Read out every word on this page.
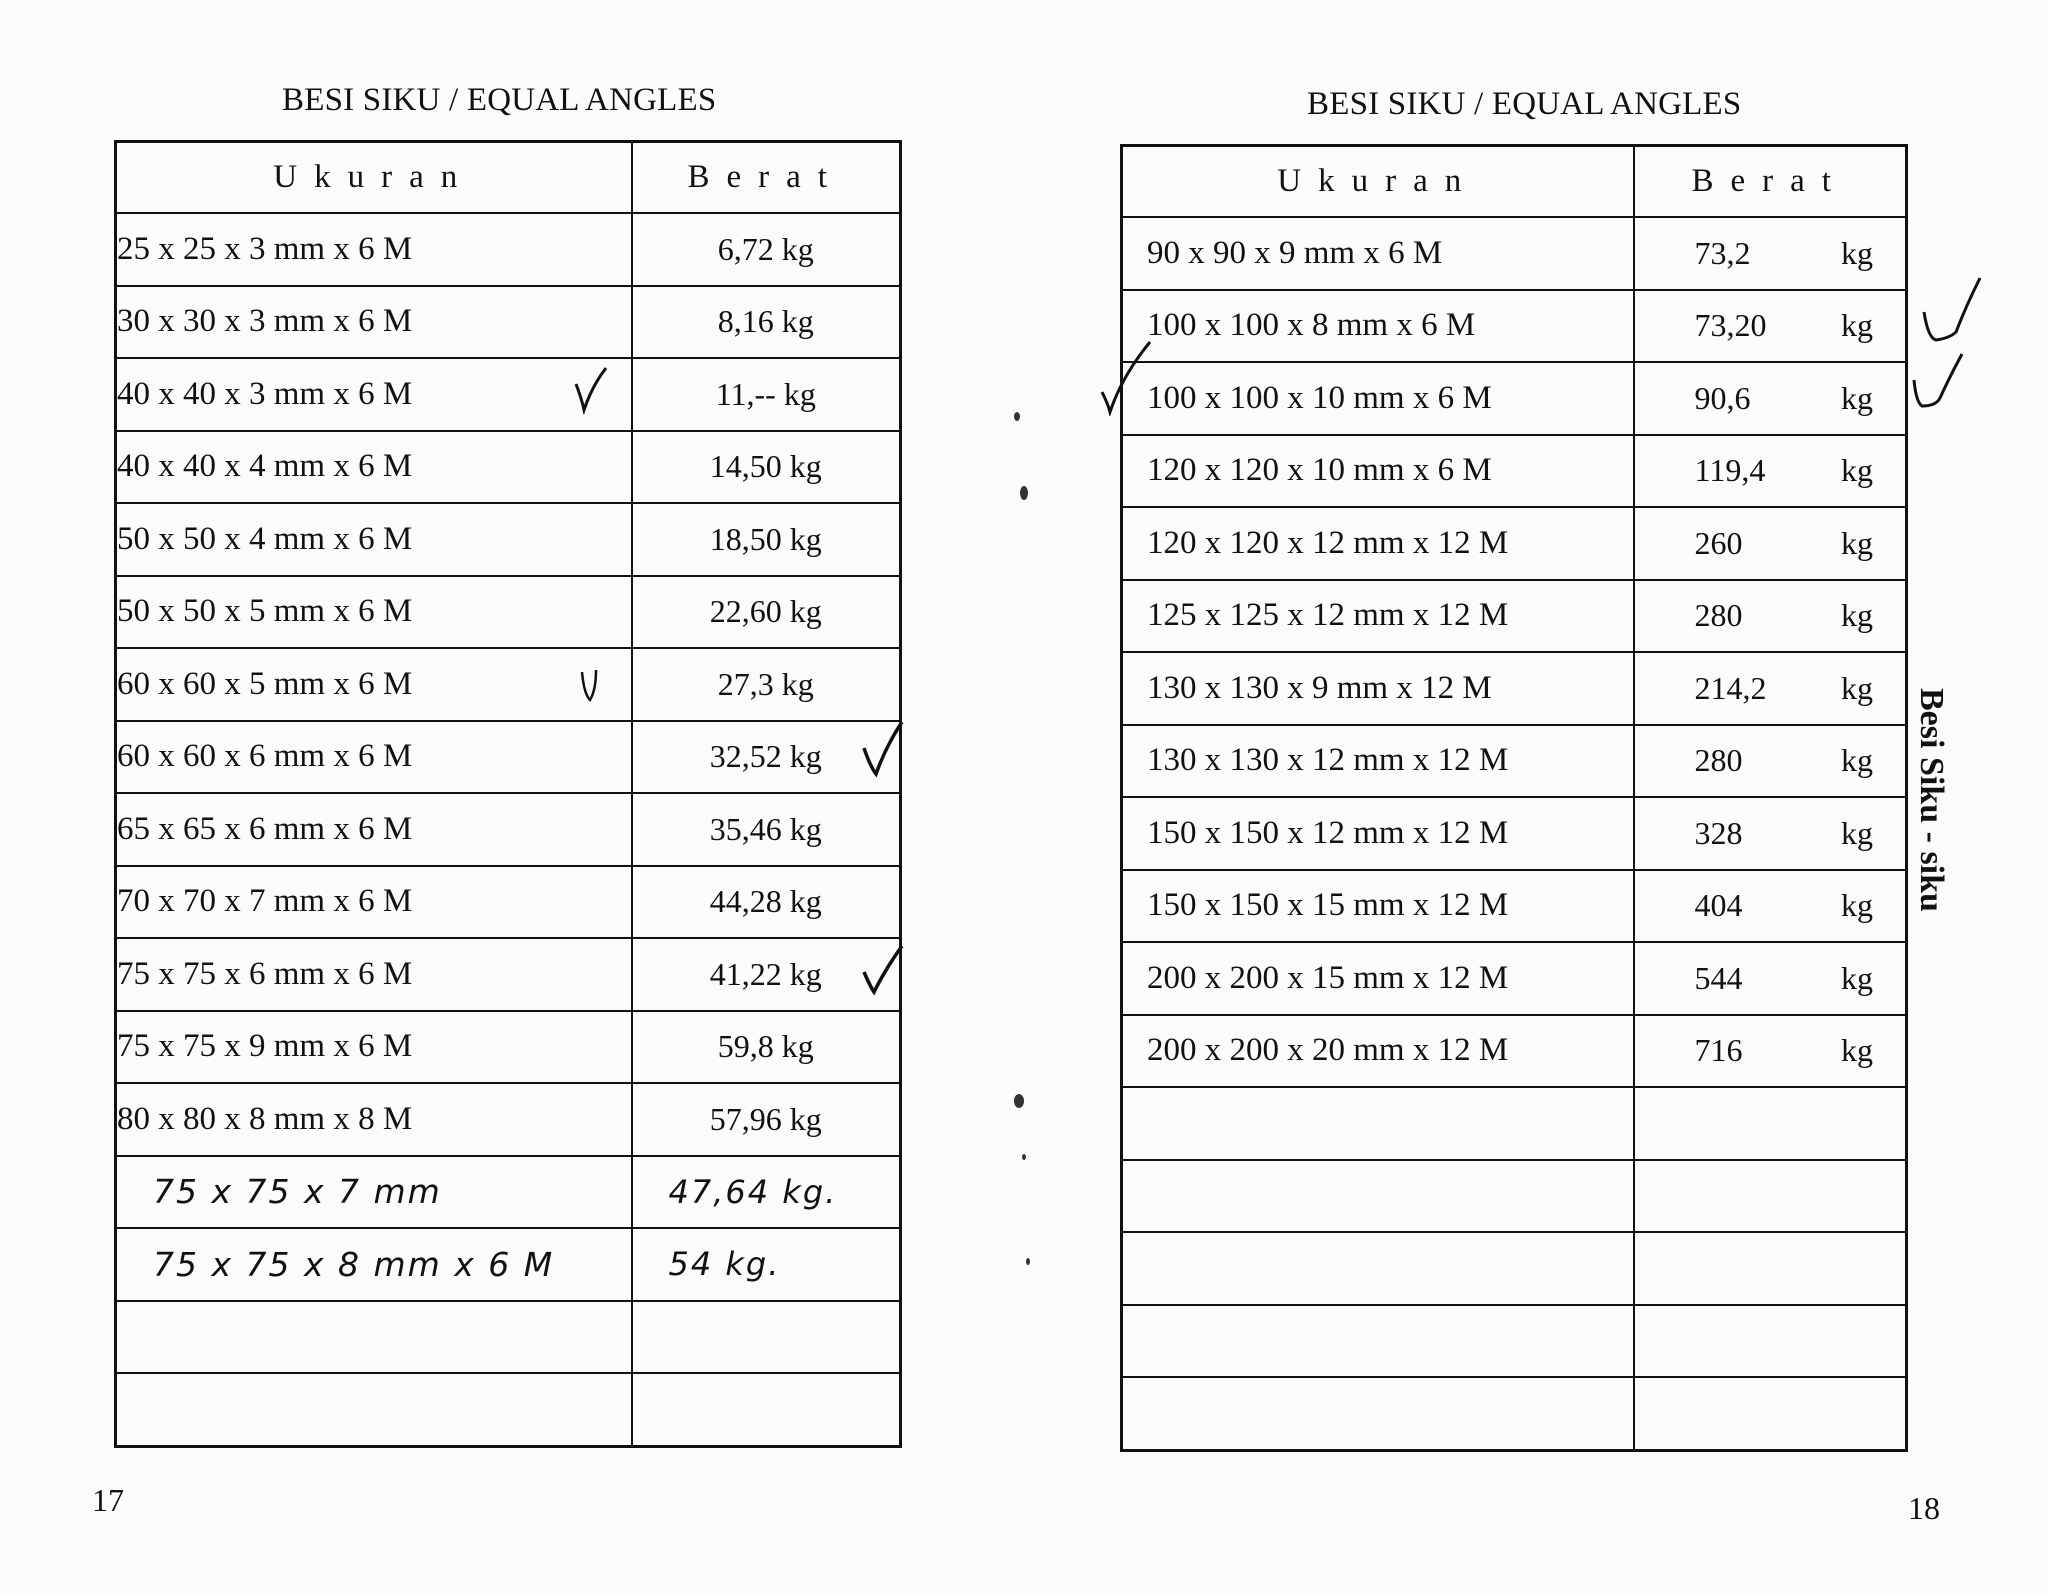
BESI SIKU / EQUAL ANGLES
Ukuran	Berat
25 x 25 x 3 mm x 6 M	6,72 kg
30 x 30 x 3 mm x 6 M	8,16 kg
40 x 40 x 3 mm x 6 M	11,-- kg
40 x 40 x 4 mm x 6 M	14,50 kg
50 x 50 x 4 mm x 6 M	18,50 kg
50 x 50 x 5 mm x 6 M	22,60 kg
60 x 60 x 5 mm x 6 M	27,3 kg
60 x 60 x 6 mm x 6 M	32,52 kg
65 x 65 x 6 mm x 6 M	35,46 kg
70 x 70 x 7 mm x 6 M	44,28 kg
75 x 75 x 6 mm x 6 M	41,22 kg
75 x 75 x 9 mm x 6 M	59,8 kg
80 x 80 x 8 mm x 8 M	57,96 kg
75 x 75 x 7 mm	47,64 kg.
75 x 75 x 8 mm x 6 M	54 kg.

17
BESI SIKU / EQUAL ANGLES
Ukuran	Berat
90 x 90 x 9 mm x 6 M	73,2 kg

100 x 100 x 8 mm x 6 M	73,20 kg

100 x 100 x 10 mm x 6 M	90,6 kg

120 x 120 x 10 mm x 6 M	119,4 kg

120 x 120 x 12 mm x 12 M	260 kg

125 x 125 x 12 mm x 12 M	280 kg

130 x 130 x 9 mm x 12 M	214,2 kg

130 x 130 x 12 mm x 12 M	280 kg

150 x 150 x 12 mm x 12 M	328 kg

150 x 150 x 15 mm x 12 M	404 kg

200 x 200 x 15 mm x 12 M	544 kg

200 x 200 x 20 mm x 12 M	716 kg

Besi Siku - siku
18
